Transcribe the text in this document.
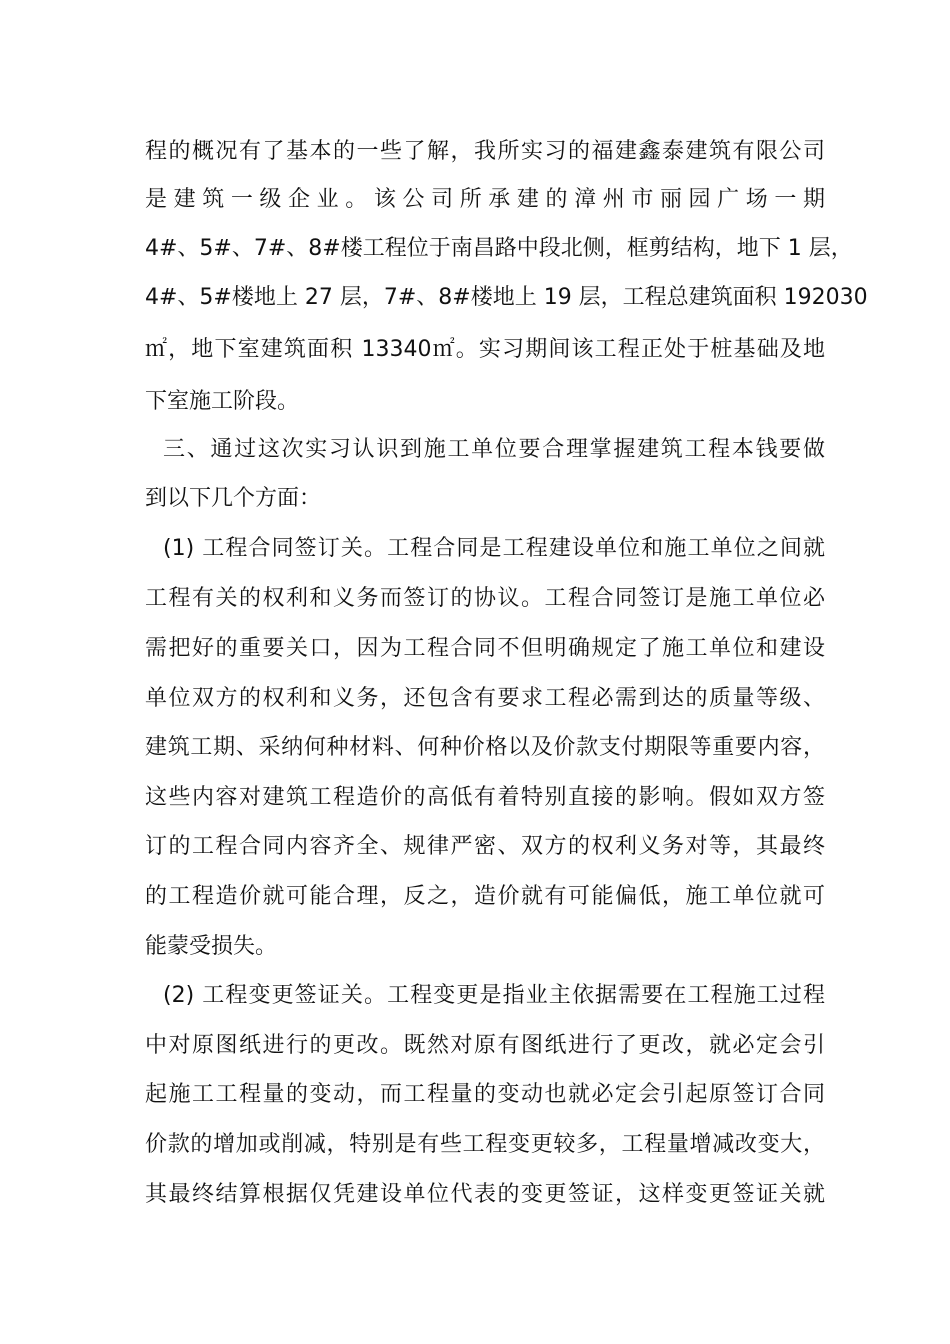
程的概况有了基本的一些了解，我所实习的福建鑫泰建筑有限公司
是建筑一级企业。该公司所承建的漳州市丽园广场一期
4#、5#、7#、8#楼工程位于南昌路中段北侧，框剪结构，地下 1 层，
4#、5#楼地上 27 层，7#、8#楼地上 19 层，工程总建筑面积 192030
㎡，地下室建筑面积 13340㎡。实习期间该工程正处于桩基础及地
下室施工阶段。
三、通过这次实习认识到施工单位要合理掌握建筑工程本钱要做
到以下几个方面：
(1) 工程合同签订关。工程合同是工程建设单位和施工单位之间就
工程有关的权利和义务而签订的协议。工程合同签订是施工单位必
需把好的重要关口，因为工程合同不但明确规定了施工单位和建设
单位双方的权利和义务，还包含有要求工程必需到达的质量等级、
建筑工期、采纳何种材料、何种价格以及价款支付期限等重要内容，
这些内容对建筑工程造价的高低有着特别直接的影响。假如双方签
订的工程合同内容齐全、规律严密、双方的权利义务对等，其最终
的工程造价就可能合理，反之，造价就有可能偏低，施工单位就可
能蒙受损失。
(2) 工程变更签证关。工程变更是指业主依据需要在工程施工过程
中对原图纸进行的更改。既然对原有图纸进行了更改，就必定会引
起施工工程量的变动，而工程量的变动也就必定会引起原签订合同
价款的增加或削减，特别是有些工程变更较多，工程量增减改变大，
其最终结算根据仅凭建设单位代表的变更签证，这样变更签证关就
